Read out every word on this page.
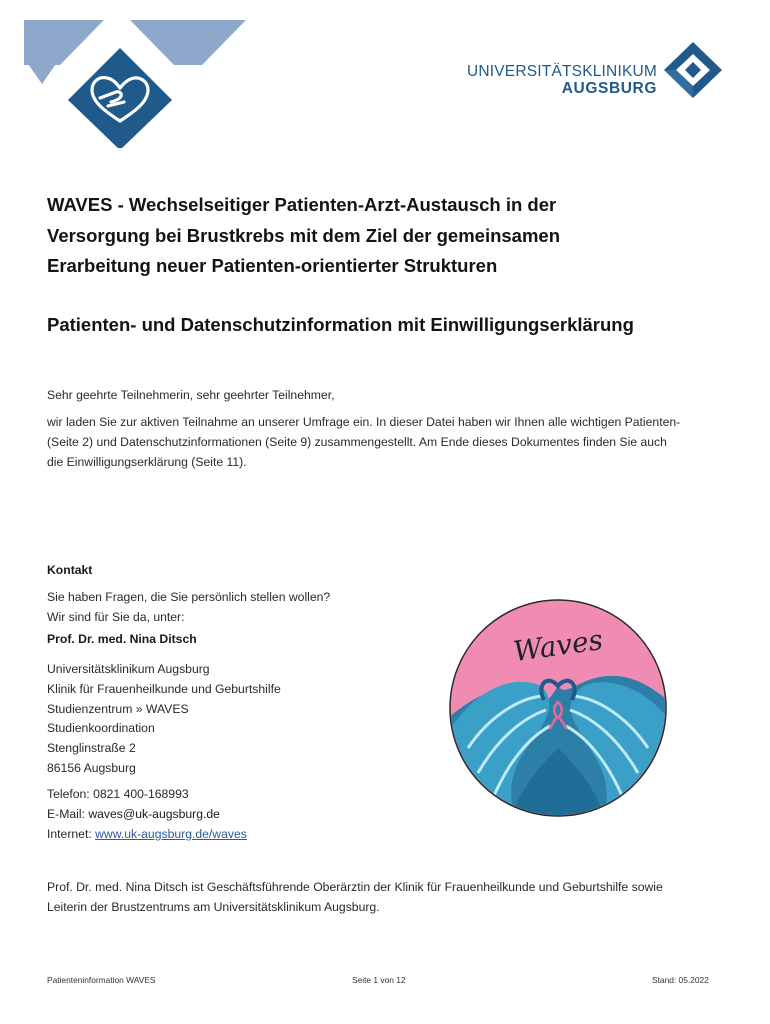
UNIVERSITÄTSKLINIKUM
AUGSBURG
WAVES - Wechselseitiger Patienten-Arzt-Austausch in der
Versorgung bei Brustkrebs mit dem Ziel der gemeinsamen
Erarbeitung neuer Patienten-orientierter Strukturen
Patienten- und Datenschutzinformation mit Einwilligungserklärung
Sehr geehrte Teilnehmerin, sehr geehrter Teilnehmer,
wir laden Sie zur aktiven Teilnahme an unserer Umfrage ein. In dieser Datei haben wir Ihnen alle wichtigen Patienten-
(Seite 2) und Datenschutzinformationen (Seite 9) zusammengestellt. Am Ende dieses Dokumentes finden Sie auch
die Einwilligungserklärung (Seite 11).
Kontakt
Sie haben Fragen, die Sie persönlich stellen wollen?
Wir sind für Sie da, unter:
Prof. Dr. med. Nina Ditsch
Universitätsklinikum Augsburg
Klinik für Frauenheilkunde und Geburtshilfe
Studienzentrum » WAVES
Studienkoordination
Stenglinstraße 2
86156 Augsburg
Telefon: 0821 400-168993
E-Mail: waves@uk-augsburg.de
Internet: www.uk-augsburg.de/waves
Waves
Prof. Dr. med. Nina Ditsch ist Geschäftsführende Oberärztin der Klinik für Frauenheilkunde und Geburtshilfe sowie
Leiterin der Brustzentrums am Universitätsklinikum Augsburg.
Patienteninformation WAVES	Seite 1 von 12	Stand: 05.2022
